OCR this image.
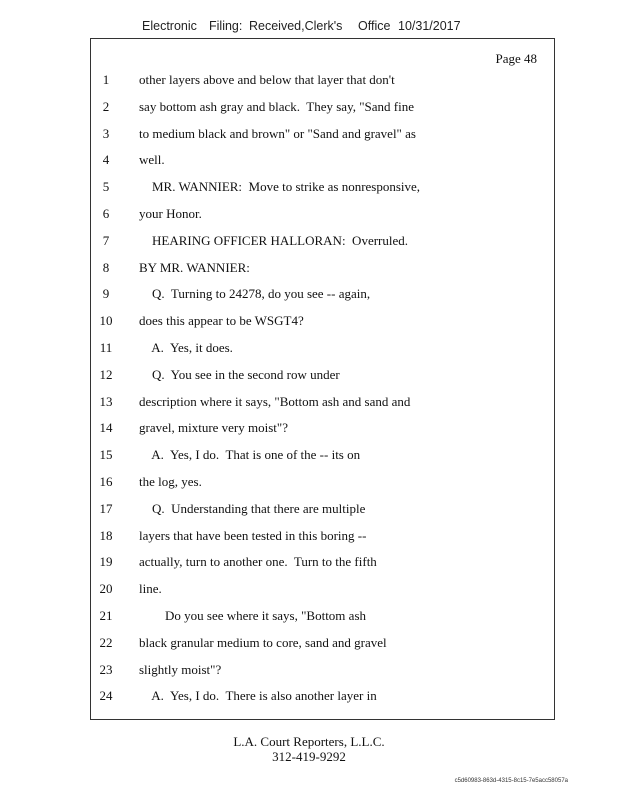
Electronic Filing: Received,Clerk's Office 10/31/2017
Page 48
1	other layers above and below that layer that don't
2	say bottom ash gray and black.  They say, "Sand fine
3	to medium black and brown" or "Sand and gravel" as
4	well.
5	MR. WANNIER:  Move to strike as nonresponsive,
6	your Honor.
7	HEARING OFFICER HALLORAN:  Overruled.
8	BY MR. WANNIER:
9	Q.  Turning to 24278, do you see -- again,
10	does this appear to be WSGT4?
11	A.  Yes, it does.
12	Q.  You see in the second row under
13	description where it says, "Bottom ash and sand and
14	gravel, mixture very moist"?
15	A.  Yes, I do.  That is one of the -- its on
16	the log, yes.
17	Q.  Understanding that there are multiple
18	layers that have been tested in this boring --
19	actually, turn to another one.  Turn to the fifth
20	line.
21	Do you see where it says, "Bottom ash
22	black granular medium to core, sand and gravel
23	slightly moist"?
24	A.  Yes, I do.  There is also another layer in
L.A. Court Reporters, L.L.C.
312-419-9292
c5d60983-863d-4315-8c15-7e5acc58057a
